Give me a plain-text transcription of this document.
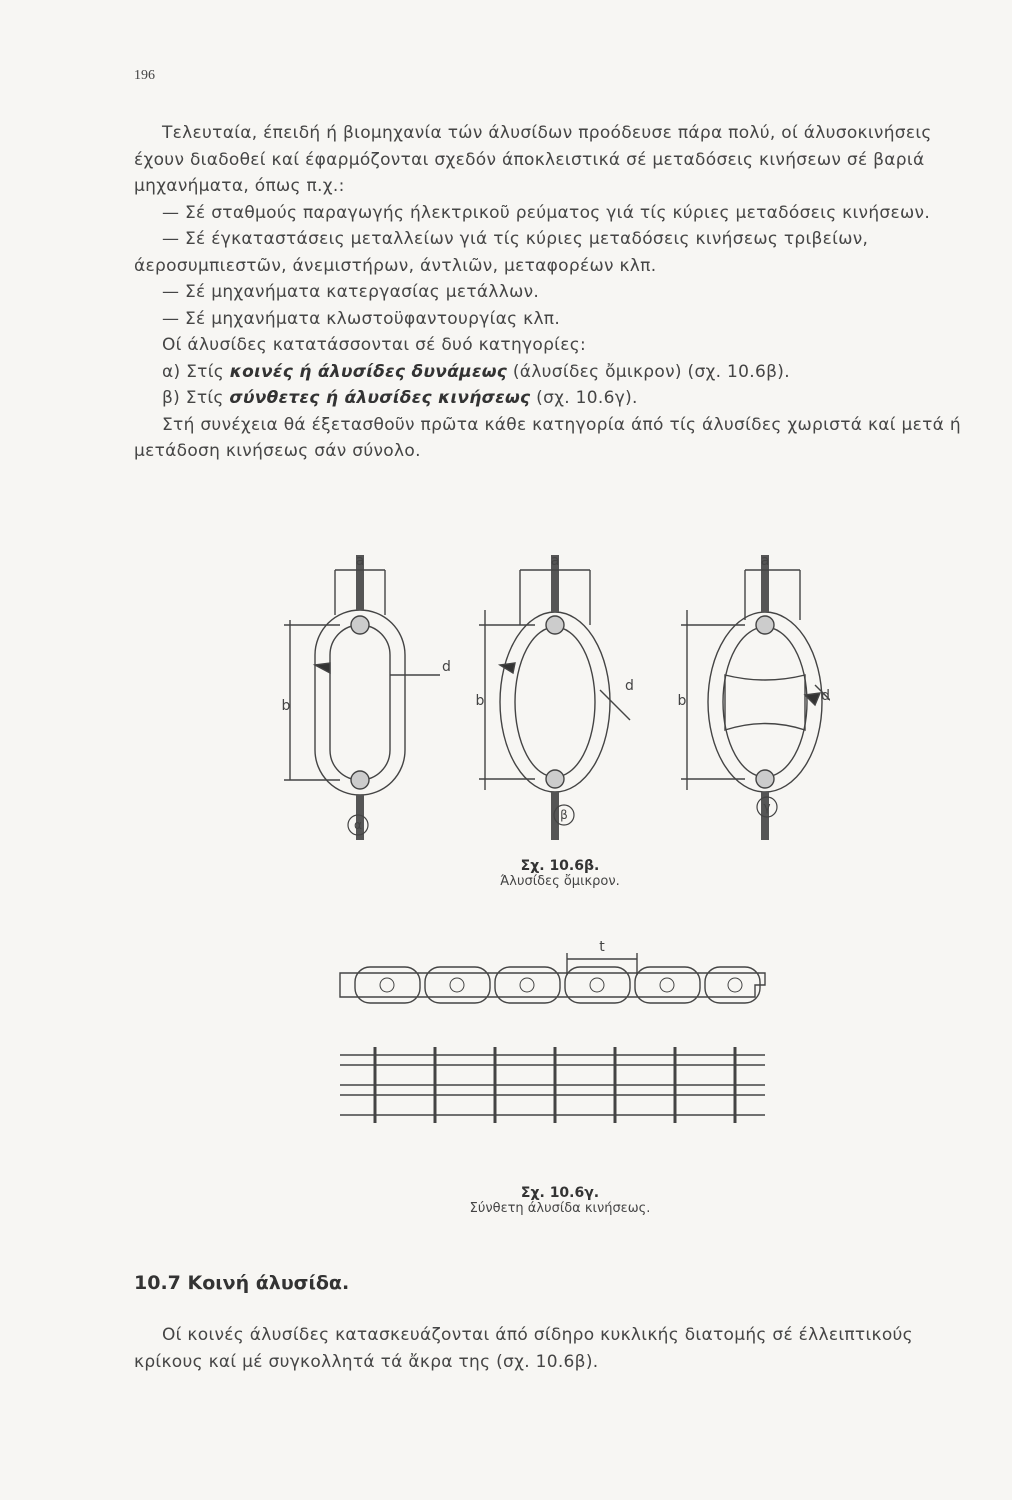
196

Τελευταία, έπειδή ή βιομηχανία τών άλυσίδων προόδευσε πάρα πολύ, οί άλυσοκινήσεις έχουν διαδοθεί καί έφαρμόζονται σχεδόν άποκλειστικά σέ μεταδόσεις κινήσεων σέ βαριά μηχανήματα, όπως π.χ.:

— Σέ σταθμούς παραγωγής ήλεκτρικοῦ ρεύματος γιά τίς κύριες μεταδόσεις κινήσεων.

— Σέ έγκαταστάσεις μεταλλείων γιά τίς κύριες μεταδόσεις κινήσεως τριβείων, άεροσυμπιεστῶν, άνεμιστήρων, άντλιῶν, μεταφορέων κλπ.

— Σέ μηχανήματα κατεργασίας μετάλλων.

— Σέ μηχανήματα κλωστοϋφαντουργίας κλπ.

Οί άλυσίδες κατατάσσονται σέ δυό κατηγορίες:

α) Στίς κοινές ή άλυσίδες δυνάμεως (άλυσίδες ὄμικρον) (σχ. 10.6β).

β) Στίς σύνθετες ή άλυσίδες κινήσεως (σχ. 10.6γ).

Στή συνέχεια θά έξετασθοῦν πρῶτα κάθε κατηγορία άπό τίς άλυσίδες χωριστά καί μετά ή μετάδοση κινήσεως σάν σύνολο.

a
b
d
a
b
d
a
b	d
α
β
γ
Σχ. 10.6β.
Άλυσίδες ὄμικρον.
t
Σχ. 10.6γ.
Σύνθετη άλυσίδα κινήσεως.
10.7 Κοινή άλυσίδα.

Οί κοινές άλυσίδες κατασκευάζονται άπό σίδηρο κυκλικής διατομής σέ έλλειπτικούς κρίκους καί μέ συγκολλητά τά ἄκρα της (σχ. 10.6β).
